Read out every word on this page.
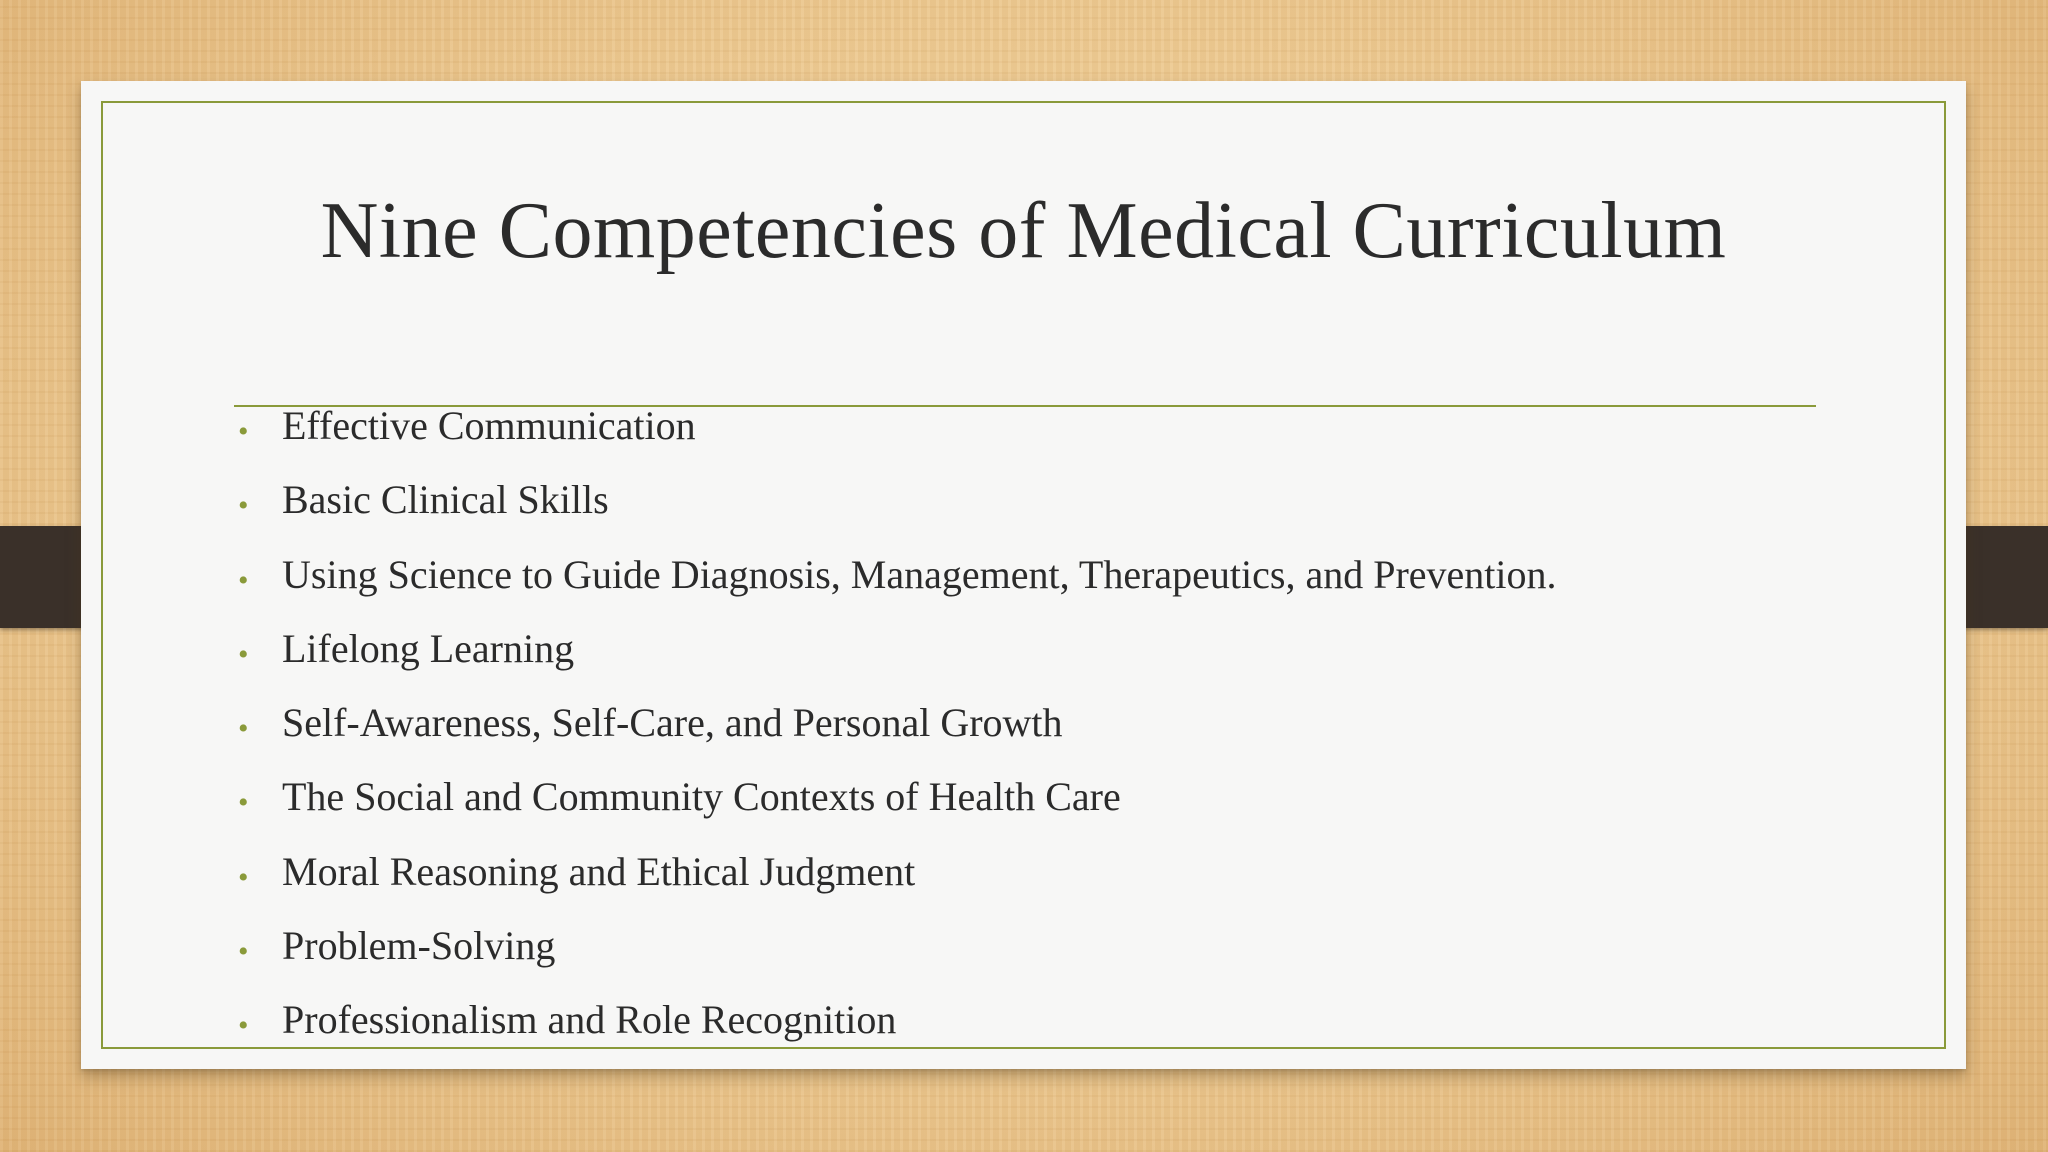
Nine Competencies of Medical Curriculum
• Effective Communication
• Basic Clinical Skills
• Using Science to Guide Diagnosis, Management, Therapeutics, and Prevention.
• Lifelong Learning
• Self-Awareness, Self-Care, and Personal Growth
• The Social and Community Contexts of Health Care
• Moral Reasoning and Ethical Judgment
• Problem-Solving
• Professionalism and Role Recognition
